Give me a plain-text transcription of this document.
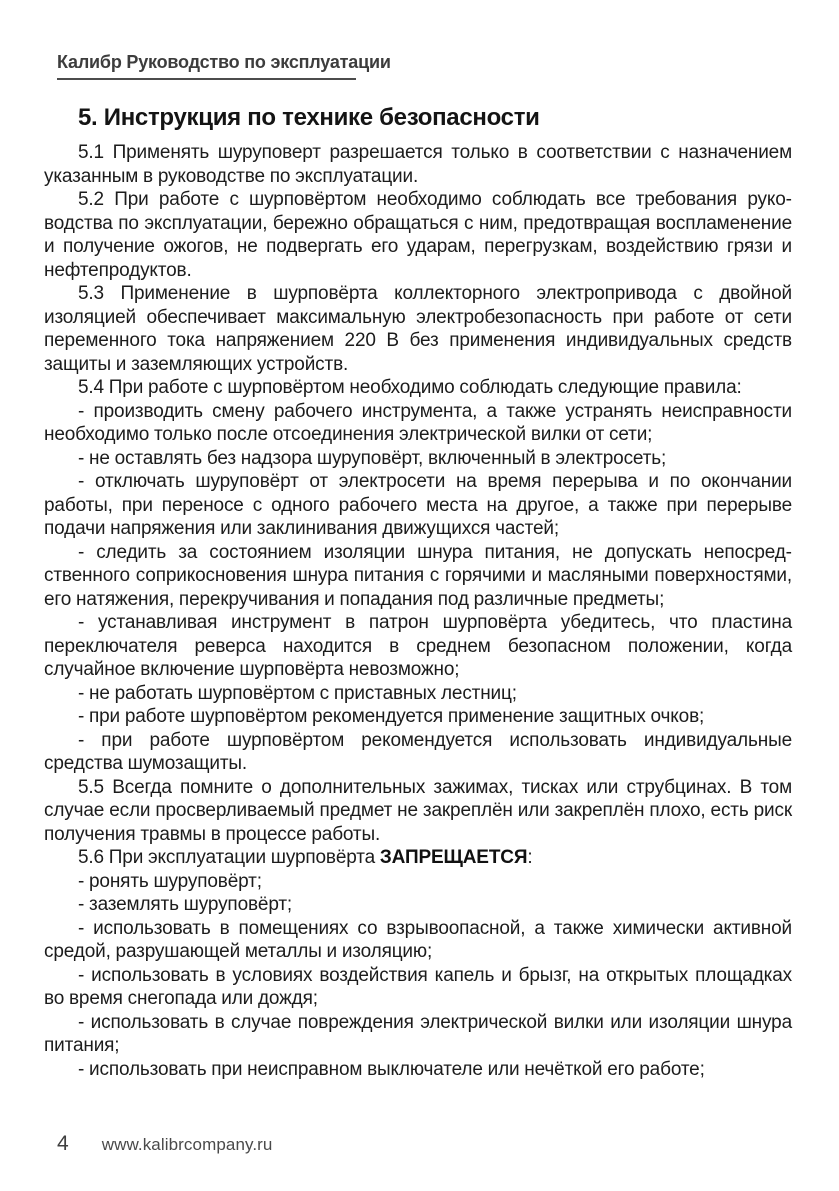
Калибр Руководство по эксплуатации
5. Инструкция по технике безопасности

5.1 Применять шуруповерт разрешается только в соответствии с назначением указанным в руководстве по эксплуатации.

5.2 При работе с шурповёртом необходимо соблюдать все требования руководства по эксплуатации, бережно обращаться с ним, предотвращая воспламенение и получение ожогов, не подвергать его ударам, перегрузкам, воздействию грязи и нефтепродуктов.

5.3 Применение в шурповёрта коллекторного электропривода с двойной изоляцией обеспечивает максимальную электробезопасность при работе от сети переменного тока напряжением 220 В без применения индивидуальных средств защиты и заземляющих устройств.

5.4 При работе с шурповёртом необходимо соблюдать следующие правила:

- производить смену рабочего инструмента, а также устранять неисправности необходимо только после отсоединения электрической вилки от сети;

- не оставлять без надзора шуруповёрт, включенный в электросеть;

- отключать шуруповёрт от электросети на время перерыва и по окончании работы, при переносе с одного рабочего места на другое, а также при перерыве подачи напряжения или заклинивания движущихся частей;

- следить за состоянием изоляции шнура питания, не допускать непосредственного соприкосновения шнура питания с горячими и масляными поверхностями, его натяжения, перекручивания и попадания под различные предметы;

- устанавливая инструмент в патрон шурповёрта убедитесь, что пластина переключателя реверса находится в среднем безопасном положении, когда случайное включение шурповёрта невозможно;

- не работать шурповёртом с приставных лестниц;

- при работе шурповёртом рекомендуется применение защитных очков;

- при работе шурповёртом рекомендуется использовать индивидуальные средства шумозащиты.

5.5 Всегда помните о дополнительных зажимах, тисках или струбцинах. В том случае если просверливаемый предмет не закреплён или закреплён плохо, есть риск получения травмы в процессе работы.

5.6 При эксплуатации шурповёрта ЗАПРЕЩАЕТСЯ:

- ронять шуруповёрт;

- заземлять шуруповёрт;

- использовать в помещениях со взрывоопасной, а также химически активной средой, разрушающей металлы и изоляцию;

- использовать в условиях воздействия капель и брызг, на открытых площадках во время снегопада или дождя;

- использовать в случае повреждения электрической вилки или изоляции шнура питания;

- использовать при неисправном выключателе или нечёткой его работе;

4 www.kalibrcompany.ru
